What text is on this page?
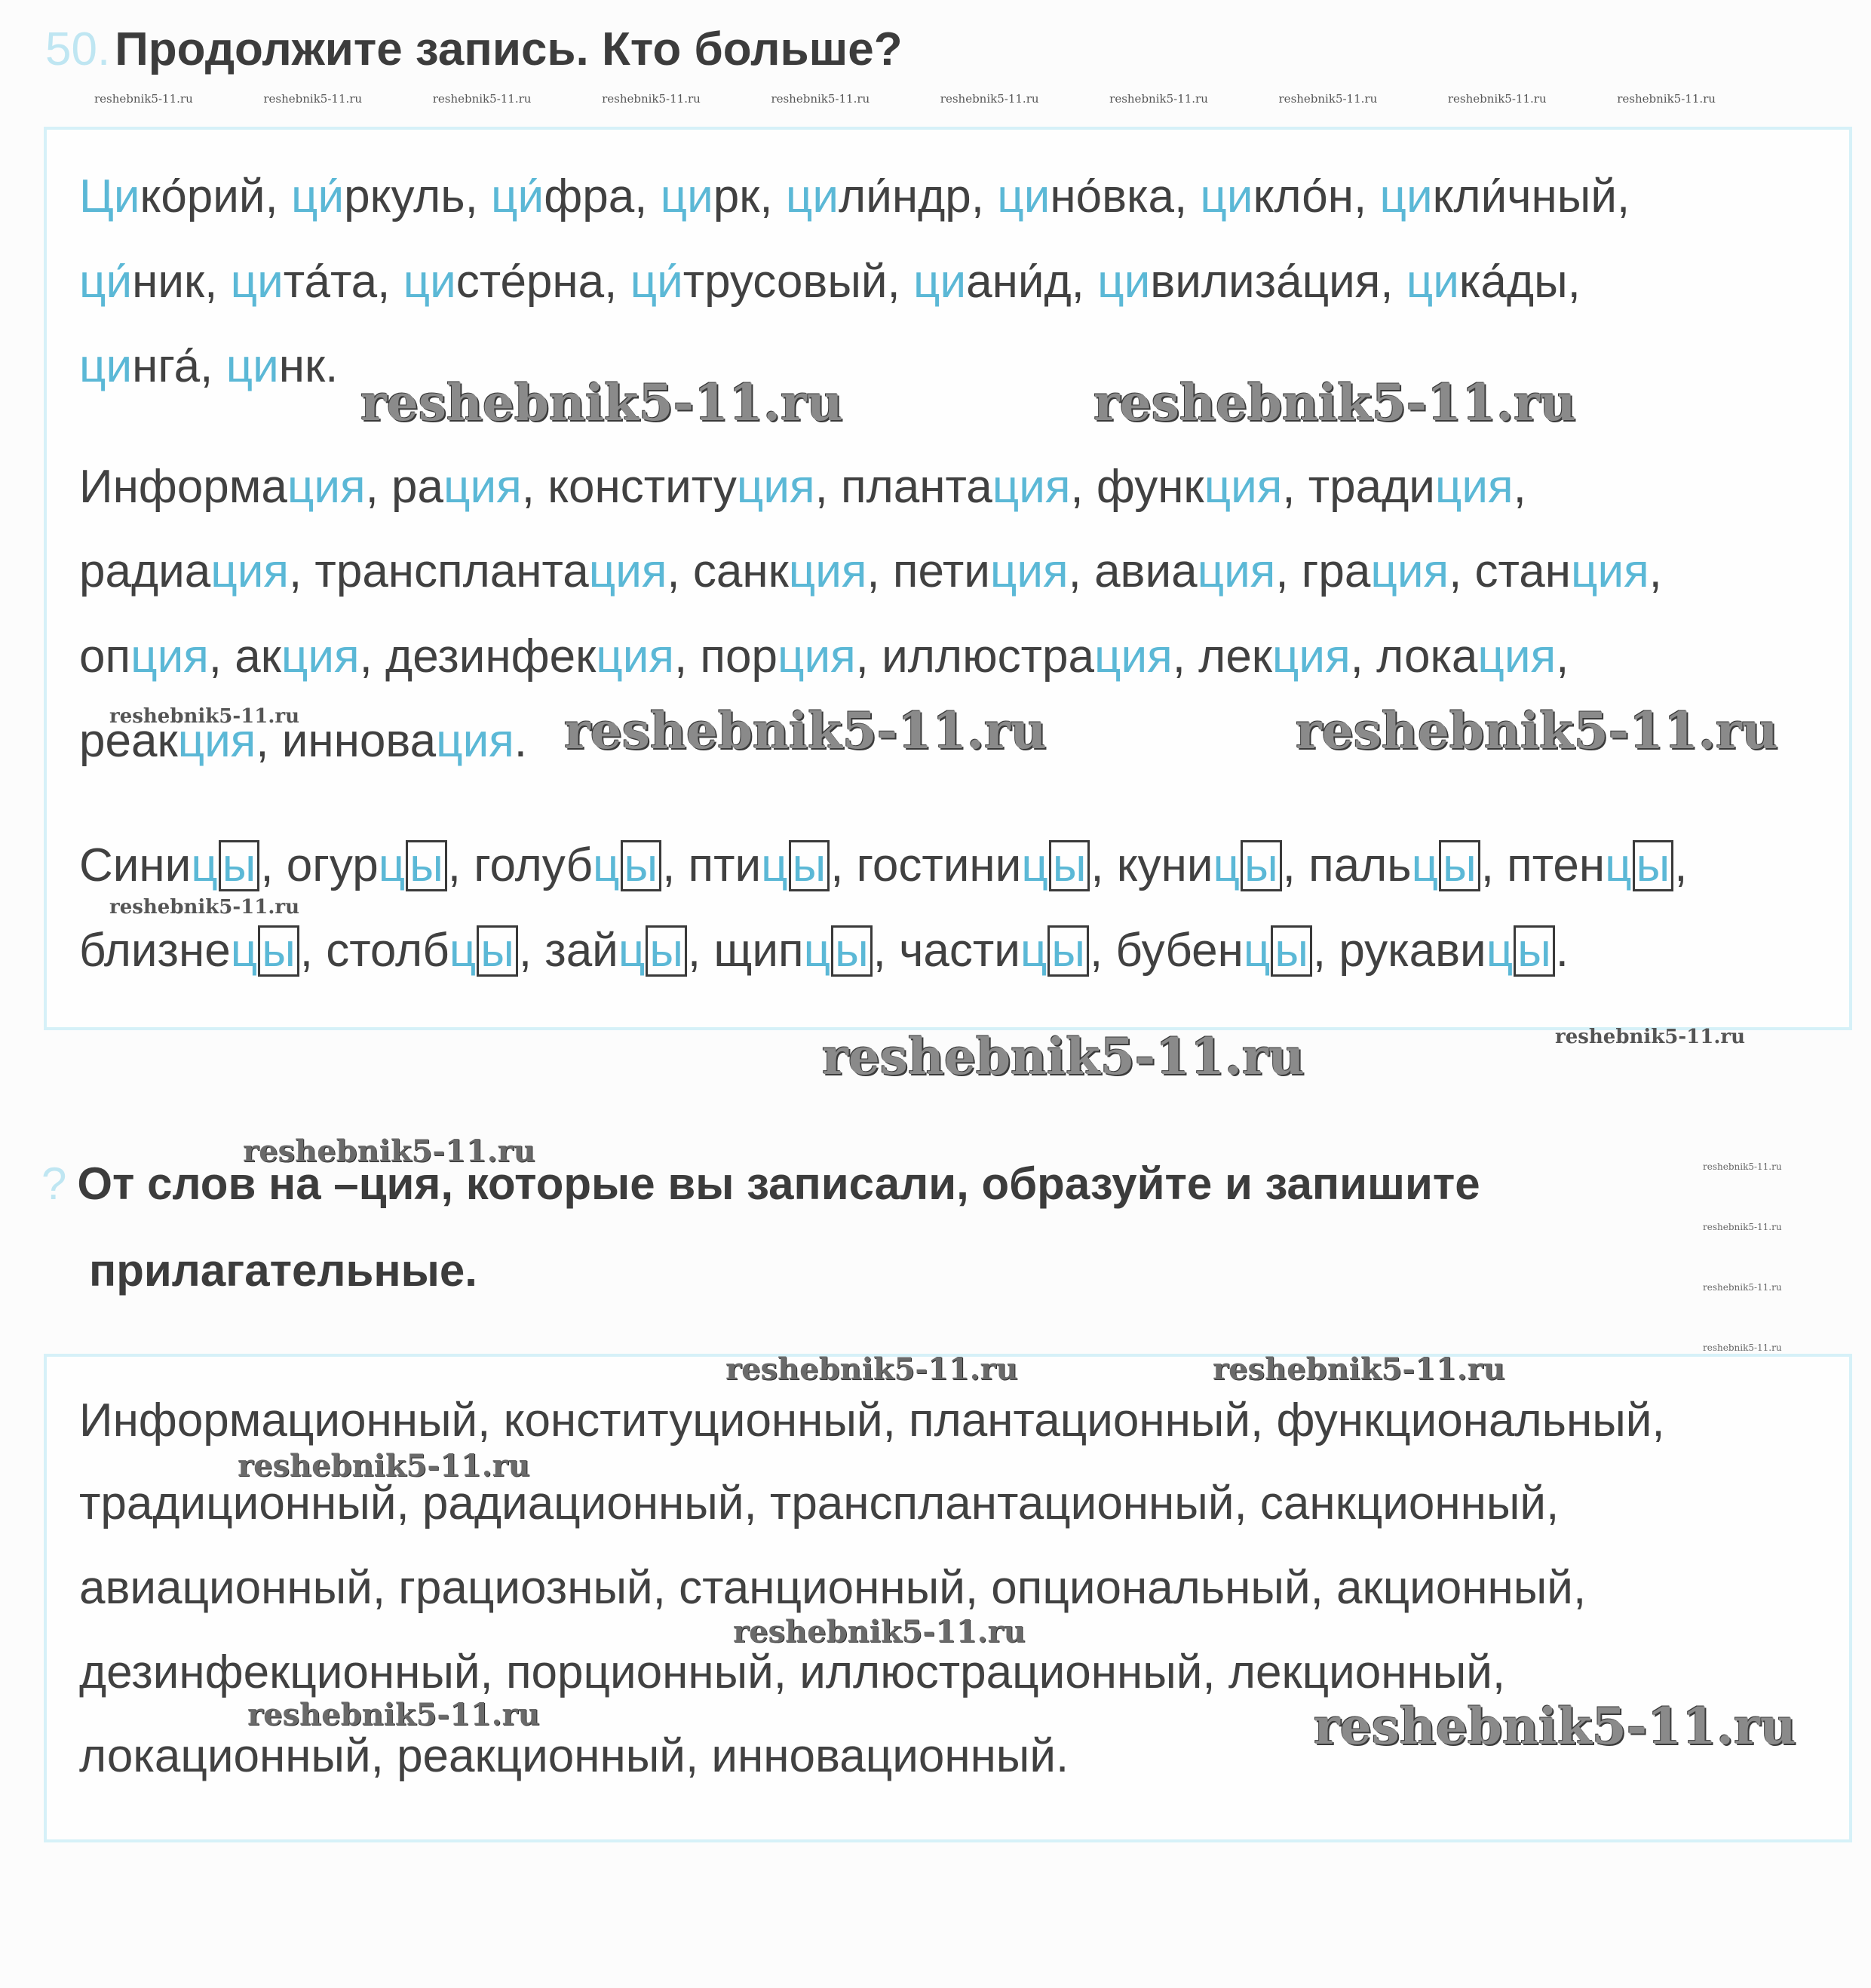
50.Продолжите запись. Кто больше?
reshebnik5-11.ru	reshebnik5-11.ru	reshebnik5-11.ru	reshebnik5-11.ru	reshebnik5-11.ru	reshebnik5-11.ru	reshebnik5-11.ru	reshebnik5-11.ru	reshebnik5-11.ru	reshebnik5-11.ru
Цико́рий, ци́ркуль, ци́фра, цирк, цили́ндр, цино́вка, цикло́н, цикли́чный,
ци́ник, цита́та, цисте́рна, ци́трусовый, циани́д, цивилиза́ция, цика́ды,
цинга́, цинк.
Информация, рация, конституция, плантация, функция, традиция,
радиация, трансплантация, санкция, петиция, авиация, грация, станция,
опция, акция, дезинфекция, порция, иллюстрация, лекция, локация,
реакция, инновация.
Синицы, огурцы, голубцы, птицы, гостиницы, куницы, пальцы, птенцы,
близнецы, столбцы, зайцы, щипцы, частицы, бубенцы, рукавицы.
reshebnik5-11.ru	reshebnik5-11.ru
reshebnik5-11.ru	reshebnik5-11.ru	reshebnik5-11.ru
reshebnik5-11.ru
reshebnik5-11.ru	reshebnik5-11.ru
reshebnik5-11.ru
? От слов на –ция, которые вы записали, образуйте и запишите
прилагательные.
reshebnik5-11.ru
reshebnik5-11.ru
reshebnik5-11.ru
reshebnik5-11.ru
reshebnik5-11.ru	reshebnik5-11.ru
Информационный, конституционный, плантационный, функциональный,
традиционный, радиационный, трансплантационный, санкционный,
авиационный, грациозный, станционный, опциональный, акционный,
дезинфекционный, порционный, иллюстрационный, лекционный,
локационный, реакционный, инновационный.
reshebnik5-11.ru
reshebnik5-11.ru
reshebnik5-11.ru	reshebnik5-11.ru
